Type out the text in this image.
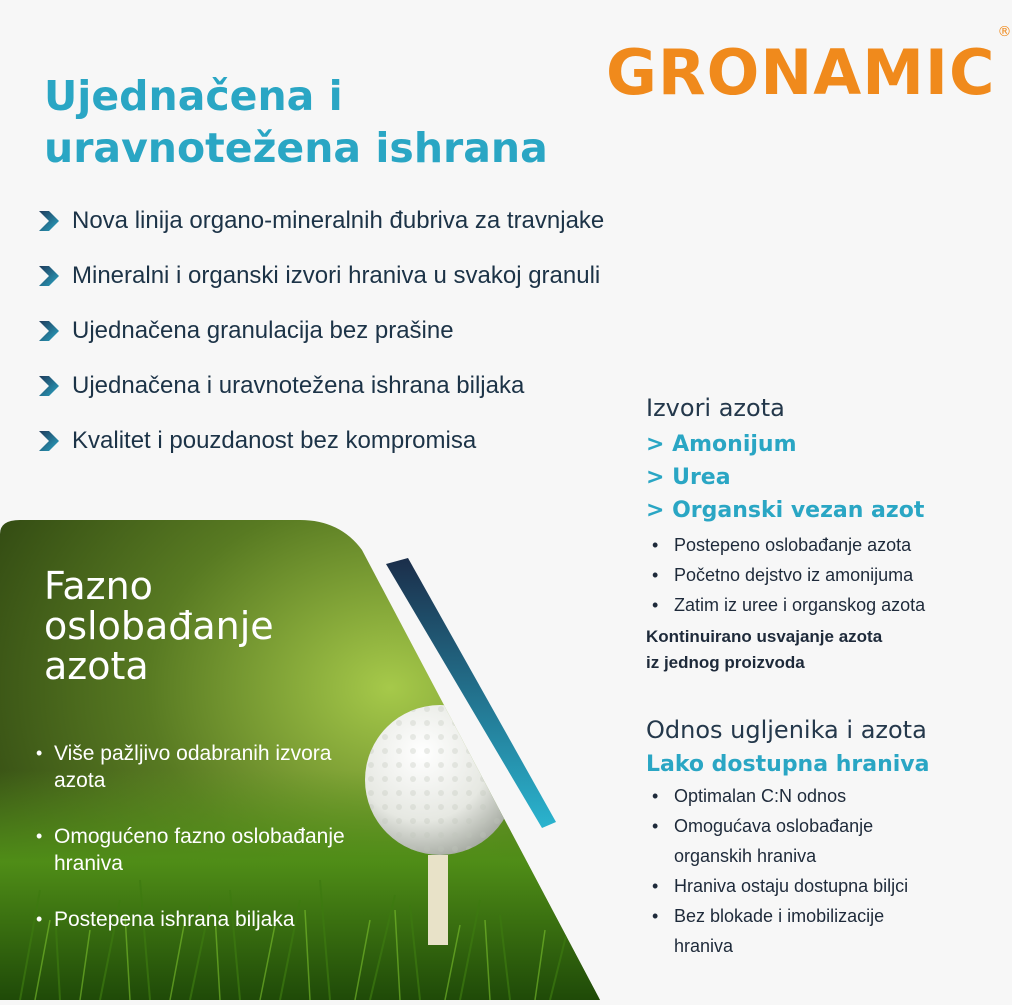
Ujednačena i
uravnotežena ishrana
GRONAMIC®
Nova linija organo-mineralnih đubriva za travnjake
Mineralni i organski izvori hraniva u svakoj granuli
Ujednačena granulacija bez prašine
Ujednačena i uravnotežena ishrana biljaka
Kvalitet i pouzdanost bez kompromisa
Fazno
oslobađanje
azota
• Više pažljivo odabranih izvora azota
• Omogućeno fazno oslobađanje hraniva
• Postepena ishrana biljaka
Izvori azota
> Amonijum
> Urea
> Organski vezan azot
• Postepeno oslobađanje azota
• Početno dejstvo iz amonijuma
• Zatim iz uree i organskog azota
Kontinuirano usvajanje azota
iz jednog proizvoda
Odnos ugljenika i azota
Lako dostupna hraniva
• Optimalan C:N odnos
• Omogućava oslobađanje organskih hraniva
• Hraniva ostaju dostupna biljci
• Bez blokade i imobilizacije hraniva
